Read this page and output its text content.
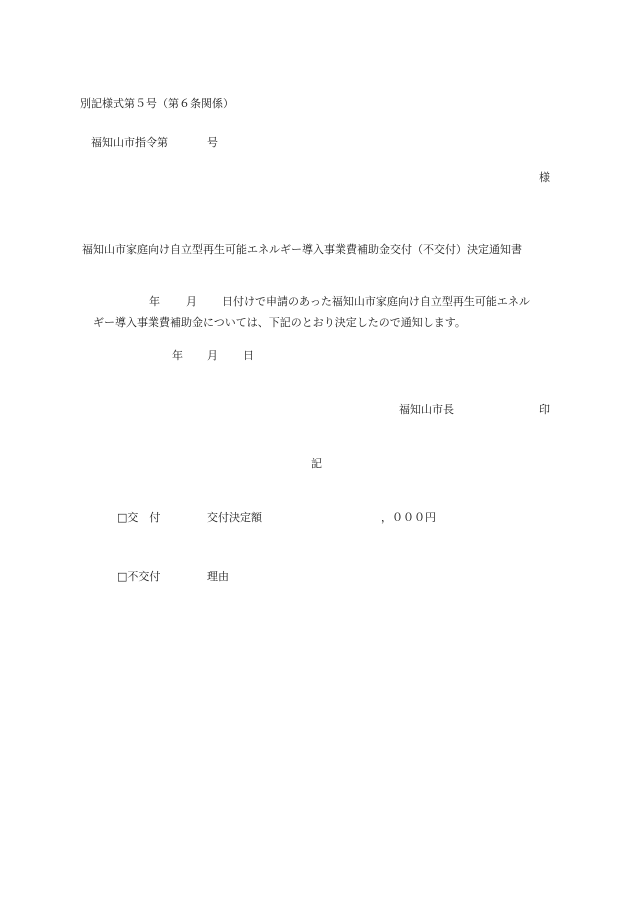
別記様式第５号（第６条関係）
福知山市指令第	号
様
福知山市家庭向け自立型再生可能エネルギー導入事業費補助金交付（不交付）決定通知書
年 月 日付けで申請のあった福知山市家庭向け自立型再生可能エネル
ギー導入事業費補助金については、下記のとおり決定したので通知します。
年 月 日
福知山市長	印
記
□交　付	交付決定額	，０００円
□不交付	理由
